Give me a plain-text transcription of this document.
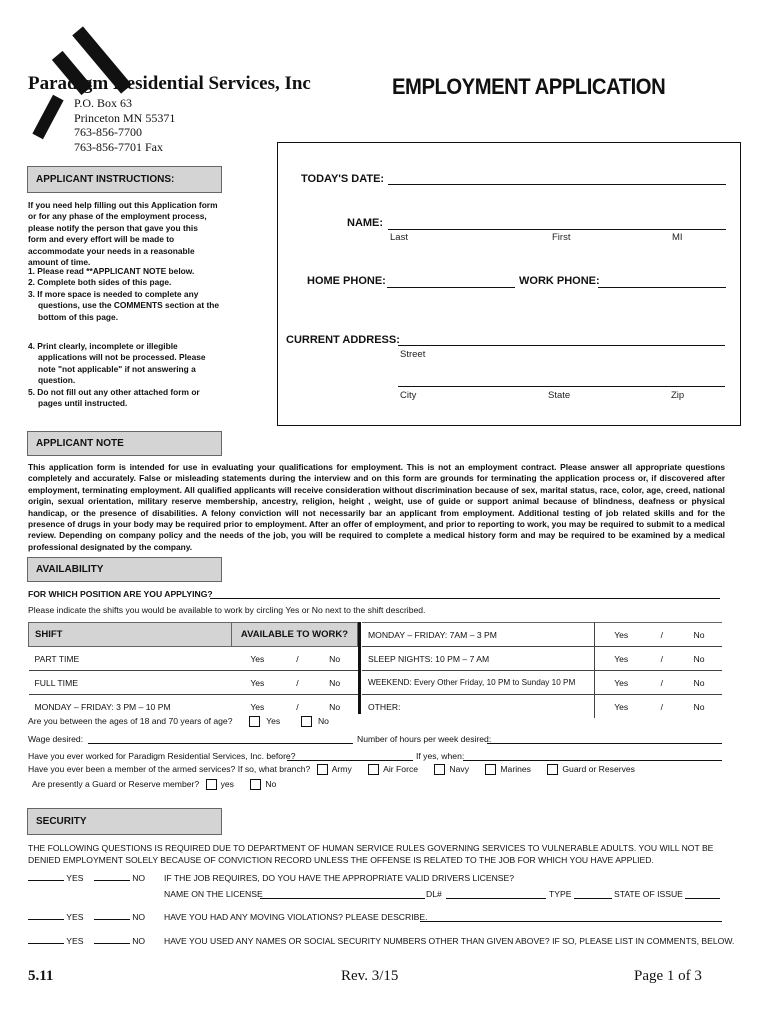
Paradigm Residential Services, Inc
P.O. Box 63
Princeton MN 55371
763-856-7700
763-856-7701 Fax
EMPLOYMENT APPLICATION
APPLICANT INSTRUCTIONS:
If you need help filling out this Application form or for any phase of the employment process, please notify the person that gave you this form and every effort will be made to accommodate your needs in a reasonable amount of time.
1. Please read **APPLICANT NOTE below.
2. Complete both sides of this page.
3. If more space is needed to complete any questions, use the COMMENTS section at the bottom of this page.
4. Print clearly, incomplete or illegible applications will not be processed. Please note "not applicable" if not answering a question.
5. Do not fill out any other attached form or pages until instructed.
TODAY'S DATE:
NAME:
Last	First	MI
HOME PHONE:	WORK PHONE:
CURRENT ADDRESS:
Street
City	State	Zip
APPLICANT NOTE
This application form is intended for use in evaluating your qualifications for employment. This is not an employment contract. Please answer all appropriate questions completely and accurately. False or misleading statements during the interview and on this form are grounds for terminating the application process or, if discovered after employment, terminating employment. All qualified applicants will receive consideration without discrimination because of sex, marital status, race, color, age, creed, national origin, sexual orientation, military reserve membership, ancestry, religion, height , weight, use of guide or support animal because of blindness, deafness or physical handicap, or the presence of disabilities. A felony conviction will not necessarily bar an applicant from employment. Additional testing of job related skills and for the presence of drugs in your body may be required prior to employment. After an offer of employment, and prior to reporting to work, you may be required to submit to a medical review. Depending on company policy and the needs of the job, you will be required to complete a medical history form and may be required to be examined by a medical professional designated by the company.
AVAILABILITY
FOR WHICH POSITION ARE YOU APPLYING?
Please indicate the shifts you would be available to work by circling Yes or No next to the shift described.
SHIFT	AVAILABLE TO WORK?		
PART TIME	Yes	/	No
FULL TIME	Yes	/	No
MONDAY – FRIDAY: 3 PM – 10 PM	Yes	/	No
MONDAY – FRIDAY: 7AM – 3 PM	Yes	/	No
SLEEP NIGHTS: 10 PM – 7 AM	Yes	/	No
WEEKEND: Every Other Friday, 10 PM to Sunday 10 PM	Yes	/	No
OTHER:	Yes	/	No
Are you between the ages of 18 and 70 years of age?	Yes	No
Wage desired:	Number of hours per week desired:
Have you ever worked for Paradigm Residential Services, Inc. before?	If yes, when:
Have you ever been a member of the armed services? If so, what branch? Army	Air Force	Navy	Marines	Guard or Reserves
Are presently a Guard or Reserve member? yes	No
SECURITY
THE FOLLOWING QUESTIONS IS REQUIRED DUE TO DEPARTMENT OF HUMAN SERVICE RULES GOVERNING SERVICES TO VULNERABLE ADULTS. YOU WILL NOT BE DENIED EMPLOYMENT SOLELY BECAUSE OF CONVICTION RECORD UNLESS THE OFFENSE IS RELATED TO THE JOB FOR WHICH YOU HAVE APPLIED.
YES	NO IF THE JOB REQUIRES, DO YOU HAVE THE APPROPRIATE VALID DRIVERS LICENSE?
NAME ON THE LICENSE	DL#	TYPE	STATE OF ISSUE
YES	NO HAVE YOU HAD ANY MOVING VIOLATIONS? PLEASE DESCRIBE.
YES	NO HAVE YOU USED ANY NAMES OR SOCIAL SECURITY NUMBERS OTHER THAN GIVEN ABOVE? IF SO, PLEASE LIST IN COMMENTS, BELOW.
5.11	Rev. 3/15	Page 1 of 3
